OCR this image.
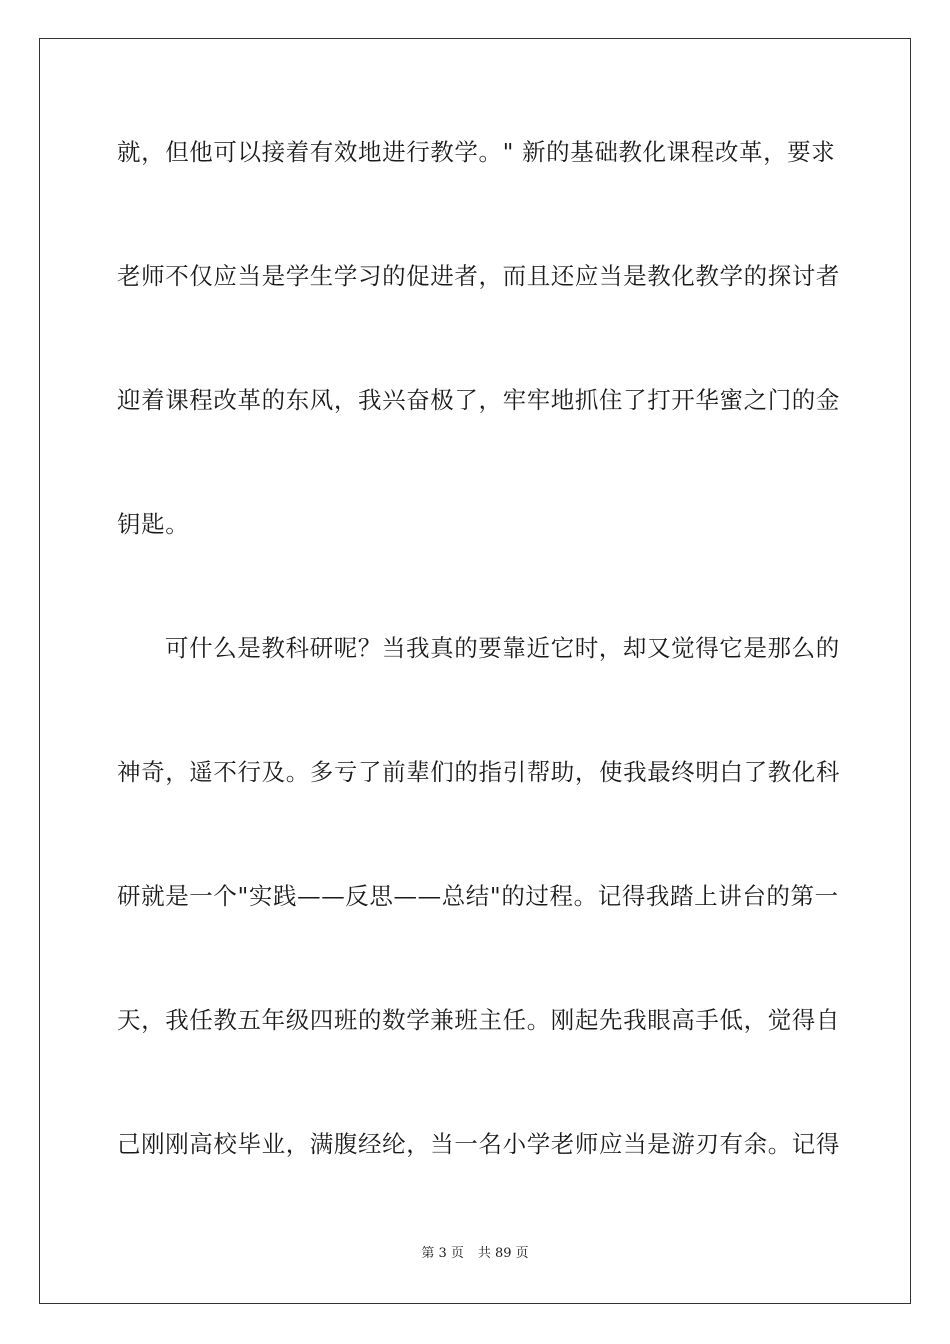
就，但他可以接着有效地进行教学。" 新的基础教化课程改革，要求
老师不仅应当是学生学习的促进者，而且还应当是教化教学的探讨者
迎着课程改革的东风，我兴奋极了，牢牢地抓住了打开华蜜之门的金
钥匙。
可什么是教科研呢？当我真的要靠近它时，却又觉得它是那么的
神奇，遥不行及。多亏了前辈们的指引帮助，使我最终明白了教化科
研就是一个"实践——反思——总结"的过程。记得我踏上讲台的第一
天，我任教五年级四班的数学兼班主任。刚起先我眼高手低，觉得自
己刚刚高校毕业，满腹经纶，当一名小学老师应当是游刃有余。记得
第 3 页 共 89 页
